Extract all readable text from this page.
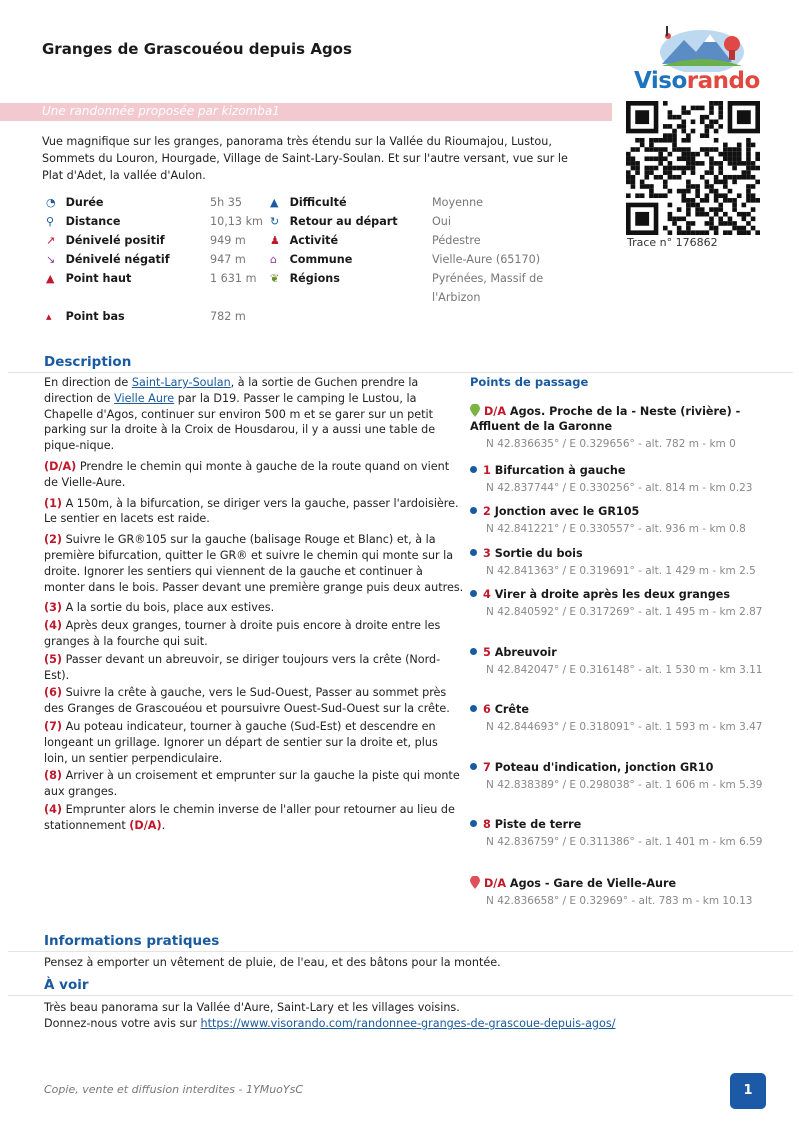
Granges de Grascouéou depuis Agos
Visorando
Une randonnée proposée par kizomba1
Trace n° 176862
Vue magnifique sur les granges, panorama très étendu sur la Vallée du Rioumajou, Lustou, Sommets du Louron, Hourgade, Village de Saint-Lary-Soulan. Et sur l'autre versant, vue sur le Plat d'Adet, la vallée d'Aulon.
◔ Durée	5h 35
⚲ Distance	10,13 km
↗ Dénivelé positif	949 m
↘ Dénivelé négatif	947 m
▲ Point haut	1 631 m
▴ Point bas	782 m
▲ Difficulté	Moyenne
↻ Retour au départ	Oui
♟ Activité	Pédestre
⌂ Commune	Vielle-Aure (65170)
❦ Régions	Pyrénées, Massif de
l'Arbizon
Description

En direction de Saint-Lary-Soulan, à la sortie de Guchen prendre la direction de Vielle Aure par la D19. Passer le camping le Lustou, la Chapelle d'Agos, continuer sur environ 500 m et se garer sur un petit parking sur la droite à la Croix de Housdarou, il y a aussi une table de pique-nique.

(D/A) Prendre le chemin qui monte à gauche de la route quand on vient de Vielle-Aure.

(1) A 150m, à la bifurcation, se diriger vers la gauche, passer l'ardoisière. Le sentier en lacets est raide.

(2) Suivre le GR®105 sur la gauche (balisage Rouge et Blanc) et, à la première bifurcation, quitter le GR® et suivre le chemin qui monte sur la droite. Ignorer les sentiers qui viennent de la gauche et continuer à monter dans le bois. Passer devant une première grange puis deux autres.

(3) A la sortie du bois, place aux estives.

(4) Après deux granges, tourner à droite puis encore à droite entre les granges à la fourche qui suit.

(5) Passer devant un abreuvoir, se diriger toujours vers la crête (Nord-Est).

(6) Suivre la crête à gauche, vers le Sud-Ouest, Passer au sommet près des Granges de Grascouéou et poursuivre Ouest-Sud-Ouest sur la crête.

(7) Au poteau indicateur, tourner à gauche (Sud-Est) et descendre en longeant un grillage. Ignorer un départ de sentier sur la droite et, plus loin, un sentier perpendiculaire.

(8) Arriver à un croisement et emprunter sur la gauche la piste qui monte aux granges.

(4) Emprunter alors le chemin inverse de l'aller pour retourner au lieu de stationnement (D/A).

Points de passage
D/A Agos. Proche de la - Neste (rivière) - Affluent de la Garonne
N 42.836635° / E 0.329656° - alt. 782 m - km 0
1 Bifurcation à gauche
N 42.837744° / E 0.330256° - alt. 814 m - km 0.23
2 Jonction avec le GR105
N 42.841221° / E 0.330557° - alt. 936 m - km 0.8
3 Sortie du bois
N 42.841363° / E 0.319691° - alt. 1 429 m - km 2.5
4 Virer à droite après les deux granges
N 42.840592° / E 0.317269° - alt. 1 495 m - km 2.87
5 Abreuvoir
N 42.842047° / E 0.316148° - alt. 1 530 m - km 3.11
6 Crête
N 42.844693° / E 0.318091° - alt. 1 593 m - km 3.47
7 Poteau d'indication, jonction GR10
N 42.838389° / E 0.298038° - alt. 1 606 m - km 5.39
8 Piste de terre
N 42.836759° / E 0.311386° - alt. 1 401 m - km 6.59
D/A Agos - Gare de Vielle-Aure
N 42.836658° / E 0.32969° - alt. 783 m - km 10.13
Informations pratiques
Pensez à emporter un vêtement de pluie, de l'eau, et des bâtons pour la montée.
À voir
Très beau panorama sur la Vallée d'Aure, Saint-Lary et les villages voisins.
Donnez-nous votre avis sur https://www.visorando.com/randonnee-granges-de-grascoue-depuis-agos/
Copie, vente et diffusion interdites - 1YMuoYsC	1
